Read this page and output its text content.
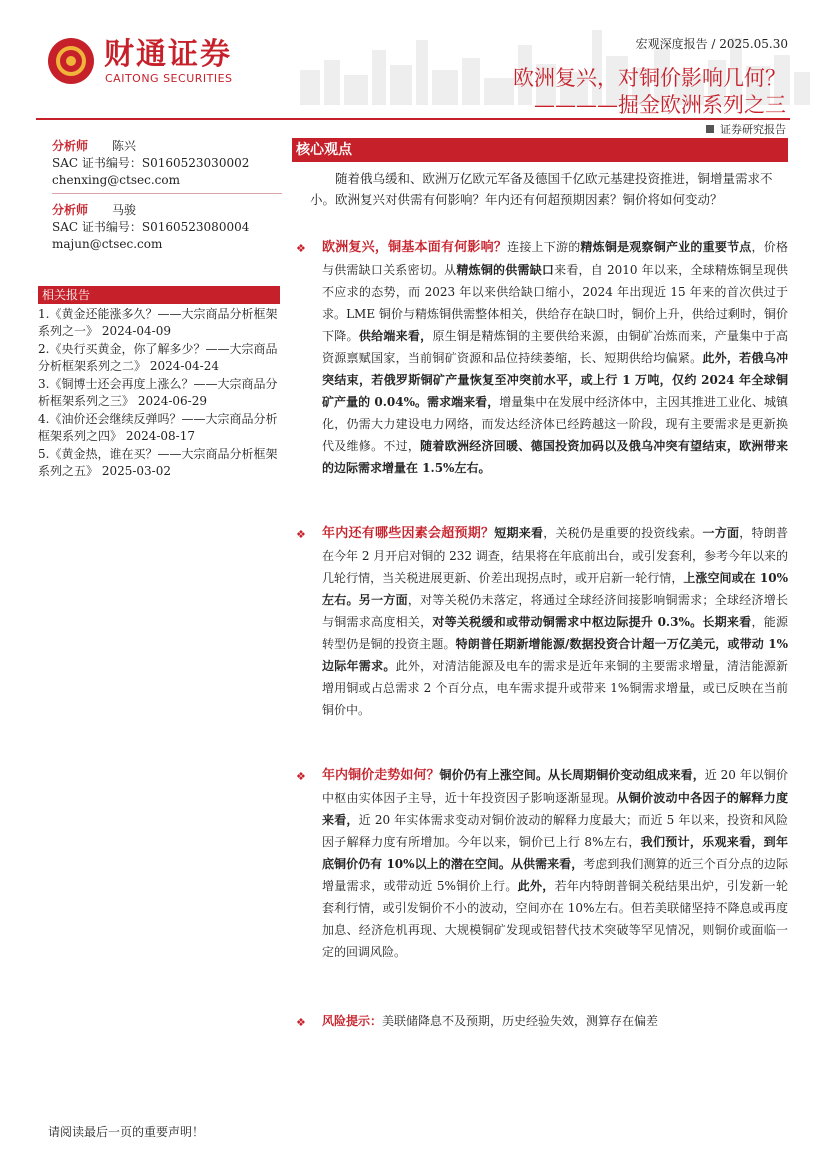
财通证券
CAITONG SECURITIES
宏观深度报告 / 2025.05.30
欧洲复兴，对铜价影响几何？
————掘金欧洲系列之三
证券研究报告
分析师 陈兴
SAC 证书编号：S0160523030002
chenxing@ctsec.com
分析师 马骏
SAC 证书编号：S0160523080004
majun@ctsec.com
相关报告
1.《黄金还能涨多久？——大宗商品分析框架系列之一》 2024-04-09
2.《央行买黄金，你了解多少？——大宗商品分析框架系列之二》 2024-04-24
3.《铜博士还会再度上涨么？——大宗商品分析框架系列之三》 2024-06-29
4.《油价还会继续反弹吗？——大宗商品分析框架系列之四》 2024-08-17
5.《黄金热，谁在买？——大宗商品分析框架系列之五》 2025-03-02
核心观点
随着俄乌缓和、欧洲万亿欧元军备及德国千亿欧元基建投资推进，铜增量需求不小。欧洲复兴对供需有何影响？年内还有何超预期因素？铜价将如何变动？
❖ 欧洲复兴，铜基本面有何影响？连接上下游的精炼铜是观察铜产业的重要节点，价格与供需缺口关系密切。从精炼铜的供需缺口来看，自 2010 年以来，全球精炼铜呈现供不应求的态势，而 2023 年以来供给缺口缩小，2024 年出现近 15 年来的首次供过于求。LME 铜价与精炼铜供需整体相关，供给存在缺口时，铜价上升，供给过剩时，铜价下降。供给端来看，原生铜是精炼铜的主要供给来源，由铜矿冶炼而来，产量集中于高资源禀赋国家，当前铜矿资源和品位持续萎缩，长、短期供给均偏紧。此外，若俄乌冲突结束，若俄罗斯铜矿产量恢复至冲突前水平，或上行 1 万吨，仅约 2024 年全球铜矿产量的 0.04%。需求端来看，增量集中在发展中经济体中，主因其推进工业化、城镇化，仍需大力建设电力网络，而发达经济体已经跨越这一阶段，现有主要需求是更新换代及维修。不过，随着欧洲经济回暖、德国投资加码以及俄乌冲突有望结束，欧洲带来的边际需求增量在 1.5%左右。
❖ 年内还有哪些因素会超预期？短期来看，关税仍是重要的投资线索。一方面，特朗普在今年 2 月开启对铜的 232 调查，结果将在年底前出台，或引发套利，参考今年以来的几轮行情，当关税进展更新、价差出现拐点时，或开启新一轮行情，上涨空间或在 10%左右。另一方面，对等关税仍未落定，将通过全球经济间接影响铜需求；全球经济增长与铜需求高度相关，对等关税缓和或带动铜需求中枢边际提升 0.3%。长期来看，能源转型仍是铜的投资主题。特朗普任期新增能源/数据投资合计超一万亿美元，或带动 1%边际年需求。此外，对清洁能源及电车的需求是近年来铜的主要需求增量，清洁能源新增用铜或占总需求 2 个百分点，电车需求提升或带来 1%铜需求增量，或已反映在当前铜价中。
❖ 年内铜价走势如何？铜价仍有上涨空间。从长周期铜价变动组成来看，近 20 年以铜价中枢由实体因子主导，近十年投资因子影响逐渐显现。从铜价波动中各因子的解释力度来看，近 20 年实体需求变动对铜价波动的解释力度最大；而近 5 年以来，投资和风险因子解释力度有所增加。今年以来，铜价已上行 8%左右，我们预计，乐观来看，到年底铜价仍有 10%以上的潜在空间。从供需来看，考虑到我们测算的近三个百分点的边际增量需求，或带动近 5%铜价上行。此外，若年内特朗普铜关税结果出炉，引发新一轮套利行情，或引发铜价不小的波动，空间亦在 10%左右。但若美联储坚持不降息或再度加息、经济危机再现、大规模铜矿发现或铝替代技术突破等罕见情况，则铜价或面临一定的回调风险。
❖ 风险提示：美联储降息不及预期，历史经验失效，测算存在偏差
请阅读最后一页的重要声明！
